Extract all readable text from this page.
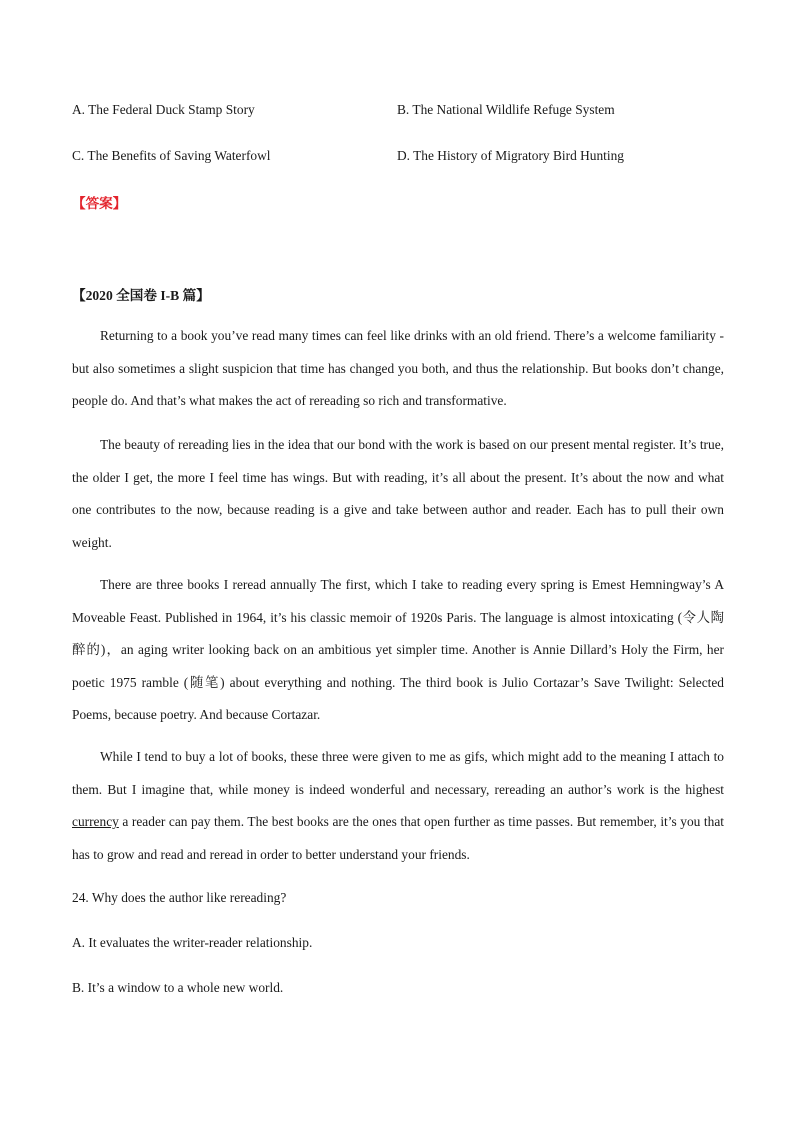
A. The Federal Duck Stamp Story	B. The National Wildlife Refuge System
C. The Benefits of Saving Waterfowl	D. The History of Migratory Bird Hunting
【答案】
【2020 全国卷 I-B 篇】

Returning to a book you’ve read many times can feel like drinks with an old friend. There’s a welcome familiarity - but also sometimes a slight suspicion that time has changed you both, and thus the relationship. But books don’t change, people do. And that’s what makes the act of rereading so rich and transformative.

The beauty of rereading lies in the idea that our bond with the work is based on our present mental register. It’s true, the older I get, the more I feel time has wings. But with reading, it’s all about the present. It’s about the now and what one contributes to the now, because reading is a give and take between author and reader. Each has to pull their own weight.

There are three books I reread annually The first, which I take to reading every spring is Emest Hemningway’s A Moveable Feast. Published in 1964, it’s his classic memoir of 1920s Paris. The language is almost intoxicating (令人陶醉的)，an aging writer looking back on an ambitious yet simpler time. Another is Annie Dillard’s Holy the Firm, her poetic 1975 ramble (随笔) about everything and nothing. The third book is Julio Cortazar’s Save Twilight: Selected Poems, because poetry. And because Cortazar.

While I tend to buy a lot of books, these three were given to me as gifs, which might add to the meaning I attach to them. But I imagine that, while money is indeed wonderful and necessary, rereading an author’s work is the highest currency a reader can pay them. The best books are the ones that open further as time passes. But remember, it’s you that has to grow and read and reread in order to better understand your friends.

24. Why does the author like rereading?
A. It evaluates the writer-reader relationship.
B. It’s a window to a whole new world.
